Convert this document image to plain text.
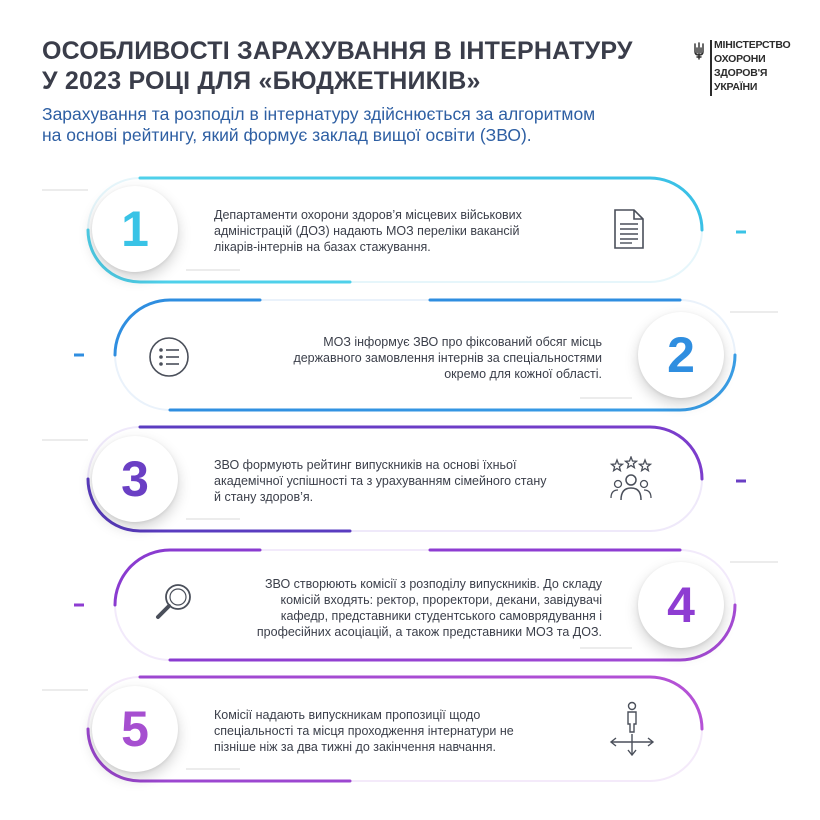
ОСОБЛИВОСТІ ЗАРАХУВАННЯ В ІНТЕРНАТУРУ
У 2023 РОЦІ ДЛЯ «БЮДЖЕТНИКІВ»
Зарахування та розподіл в інтернатуру здійснюється за алгоритмом
на основі рейтингу, який формує заклад вищої освіти (ЗВО).
МІНІСТЕРСТВО
ОХОРОНИ
ЗДОРОВ'Я
УКРАЇНИ
1	Департаменти охорони здоров’я місцевих військових
адміністрацій (ДОЗ) надають МОЗ переліки вакансій
лікарів-інтернів на базах стажування.
2
МОЗ інформує ЗВО про фіксований обсяг місць
державного замовлення інтернів за спеціальностями
окремо для кожної області.
3	ЗВО формують рейтинг випускників на основі їхньої
академічної успішності та з урахуванням сімейного стану
й стану здоров’я.
4
ЗВО створюють комісії з розподілу випускників. До складу
комісій входять: ректор, проректори, декани, завідувачі
кафедр, представники студентського самоврядування і
професійних асоціацій, а також представники МОЗ та ДОЗ.
5	Комісії надають випускникам пропозиції щодо
спеціальності та місця проходження інтернатури не
пізніше ніж за два тижні до закінчення навчання.
